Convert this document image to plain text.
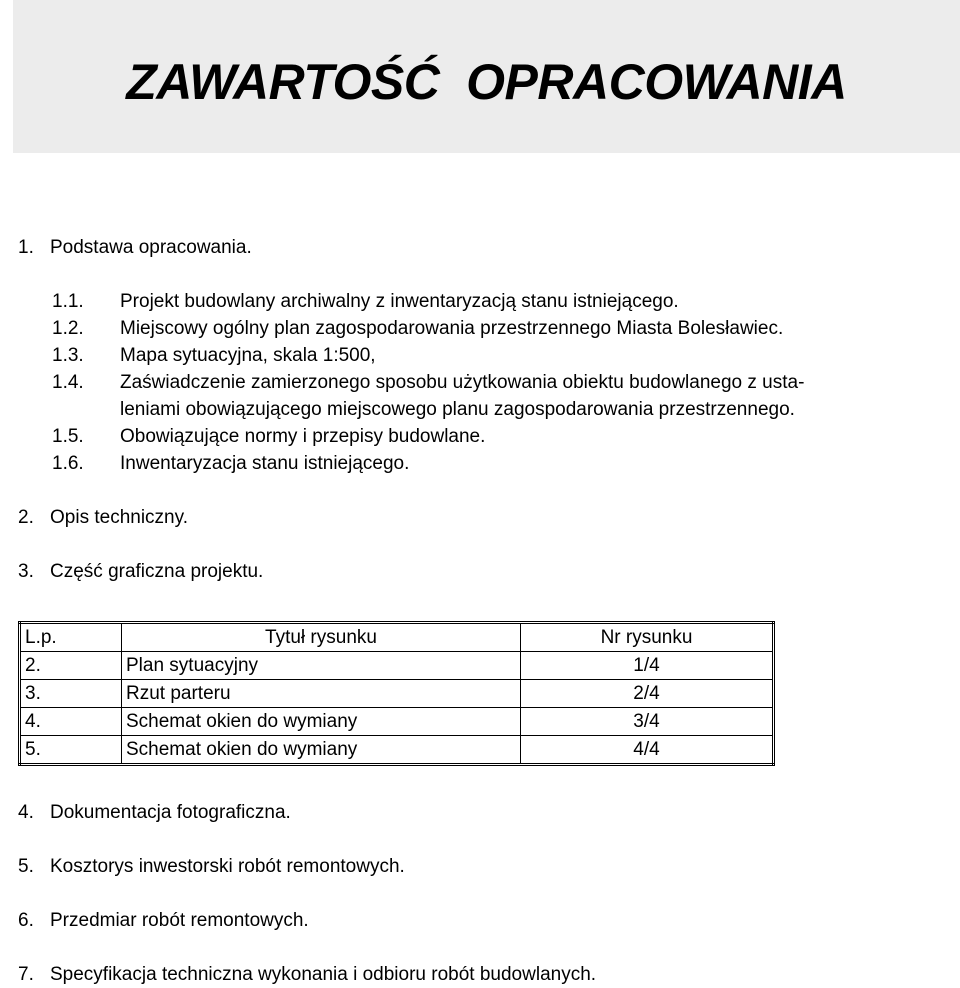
ZAWARTOŚĆ  OPRACOWANIA
1. Podstawa opracowania.
1.1. Projekt budowlany archiwalny z inwentaryzacją stanu istniejącego.
1.2. Miejscowy ogólny plan zagospodarowania przestrzennego Miasta Bolesławiec.
1.3. Mapa sytuacyjna, skala 1:500,
1.4. Zaświadczenie zamierzonego sposobu użytkowania obiektu budowlanego z usta-
leniami obowiązującego miejscowego planu zagospodarowania przestrzennego.
1.5. Obowiązujące normy i przepisy budowlane.
1.6. Inwentaryzacja stanu istniejącego.
2. Opis techniczny.
3. Część graficzna projektu.
L.p.	Tytuł rysunku	Nr rysunku
2.	Plan sytuacyjny	1/4
3.	Rzut parteru	2/4
4.	Schemat okien do wymiany	3/4
5.	Schemat okien do wymiany	4/4
4. Dokumentacja fotograficzna.
5. Kosztorys inwestorski robót remontowych.
6. Przedmiar robót remontowych.
7. Specyfikacja techniczna wykonania i odbioru robót budowlanych.
